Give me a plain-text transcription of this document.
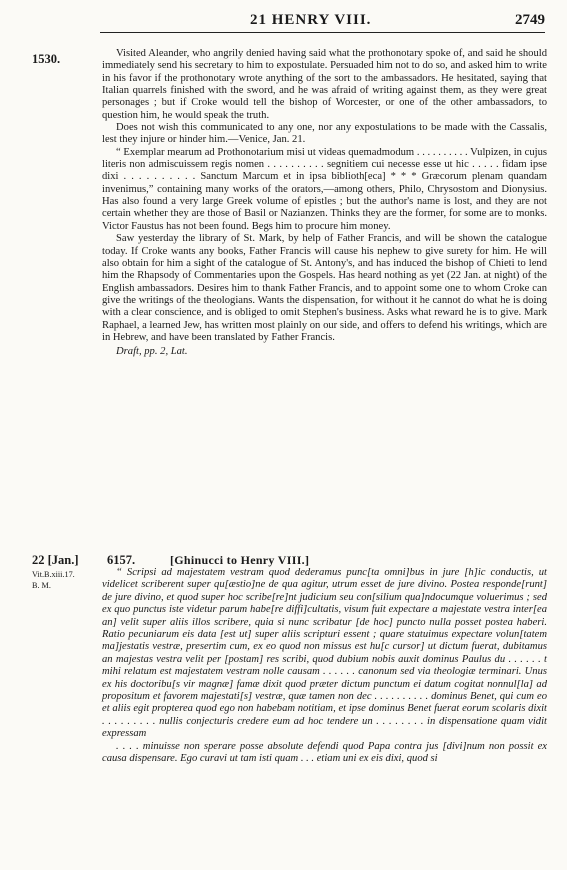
21 HENRY VIII.	2749
1530.	Visited Aleander, who angrily denied having said what the prothonotary spoke of, and said he should immediately send his secretary to him to expostulate. Persuaded him not to do so, and asked him to write in his favor if the prothonotary wrote anything of the sort to the ambassadors. He hesitated, saying that Italian quarrels finished with the sword, and he was afraid of writing against them, as they were great personages ; but if Croke would tell the bishop of Worcester, or one of the other ambassadors, to question him, he would speak the truth.

Does not wish this communicated to any one, nor any expostulations to be made with the Cassalis, lest they injure or hinder him.—Venice, Jan. 21.

“ Exemplar mearum ad Prothonotarium misi ut videas quemadmodum . . . . . . . . . . Vulpizen, in cujus literis non admiscuissem regis nomen . . . . . . . . . . segnitiem cui necesse esse ut hic . . . . . fidam ipse dixi . . . . . . . . . . Sanctum Marcum et in ipsa biblioth[eca] * * * Græcorum plenam quandam invenimus,” containing many works of the orators,—among others, Philo, Chrysostom and Dionysius. Has also found a very large Greek volume of epistles ; but the author's name is lost, and they are not certain whether they are those of Basil or Nazianzen. Thinks they are the former, for some are to monks. Victor Faustus has not been found. Begs him to procure him money.

Saw yesterday the library of St. Mark, by help of Father Francis, and will be shown the catalogue today. If Croke wants any books, Father Francis will cause his nephew to give surety for him. He will also obtain for him a sight of the catalogue of St. Antony's, and has induced the bishop of Chieti to lend him the Rhapsody of Commentaries upon the Gospels. Has heard nothing as yet (22 Jan. at night) of the English ambassadors. Desires him to thank Father Francis, and to appoint some one to whom Croke can give the writings of the theologians. Wants the dispensation, for without it he cannot do what he is doing with a clear conscience, and is obliged to omit Stephen's business. Asks what reward he is to give. Mark Raphael, a learned Jew, has written most plainly on our side, and offers to defend his writings, which are in Hebrew, and have been translated by Father Francis.

Draft, pp. 2, Lat.

22 [Jan.] 6157.	[Ghinucci to Henry VIII.]
Vit.B.xiii.17.
B. M.

“ Scripsi ad majestatem vestram quod dederamus punc[ta omni]bus in jure [h]ic conductis, ut videlicet scriberent super qu[æstio]ne de qua agitur, utrum esset de jure divino. Postea responde[runt] de jure divino, et quod super hoc scribe[re]nt judicium seu con[silium qua]ndocumque voluerimus ; sed ex quo punctus iste videtur parum habe[re diffi]cultatis, visum fuit expectare a majestate vestra inter[ea an] velit super aliis illos scribere, quia si nunc scribatur [de hoc] puncto nulla posset postea haberi. Ratio pecuniarum eis data [est ut] super aliis scripturi essent ; quare statuimus expectare volun[tatem ma]jestatis vestræ, presertim cum, ex eo quod non missus est hu[c cursor] ut dictum fuerat, dubitamus an majestas vestra velit per [postam] res scribi, quod dubium nobis auxit dominus Paulus du . . . . . . t mihi relatum est majestatem vestram nolle causam . . . . . . canonum sed via theologiæ terminari. Unus ex his doctoribu[s vir magnæ] famæ dixit quod præter dictum punctum ei datum cogitat nonnul[la] ad propositum et favorem majestati[s] vestræ, quæ tamen non dec . . . . . . . . . . dominus Benet, qui cum eo et aliis egit propterea quod ego non habebam notitiam, et ipse dominus Benet fuerat eorum scolaris dixit . . . . . . . . . nullis conjecturis credere eum ad hoc tendere un . . . . . . . . in dispensatione quam vidit expressam

. . . . minuisse non sperare posse absolute defendi quod Papa contra jus [divi]num non possit ex causa dispensare. Ego curavi ut tam isti quam . . . etiam uni ex eis dixi, quod si
